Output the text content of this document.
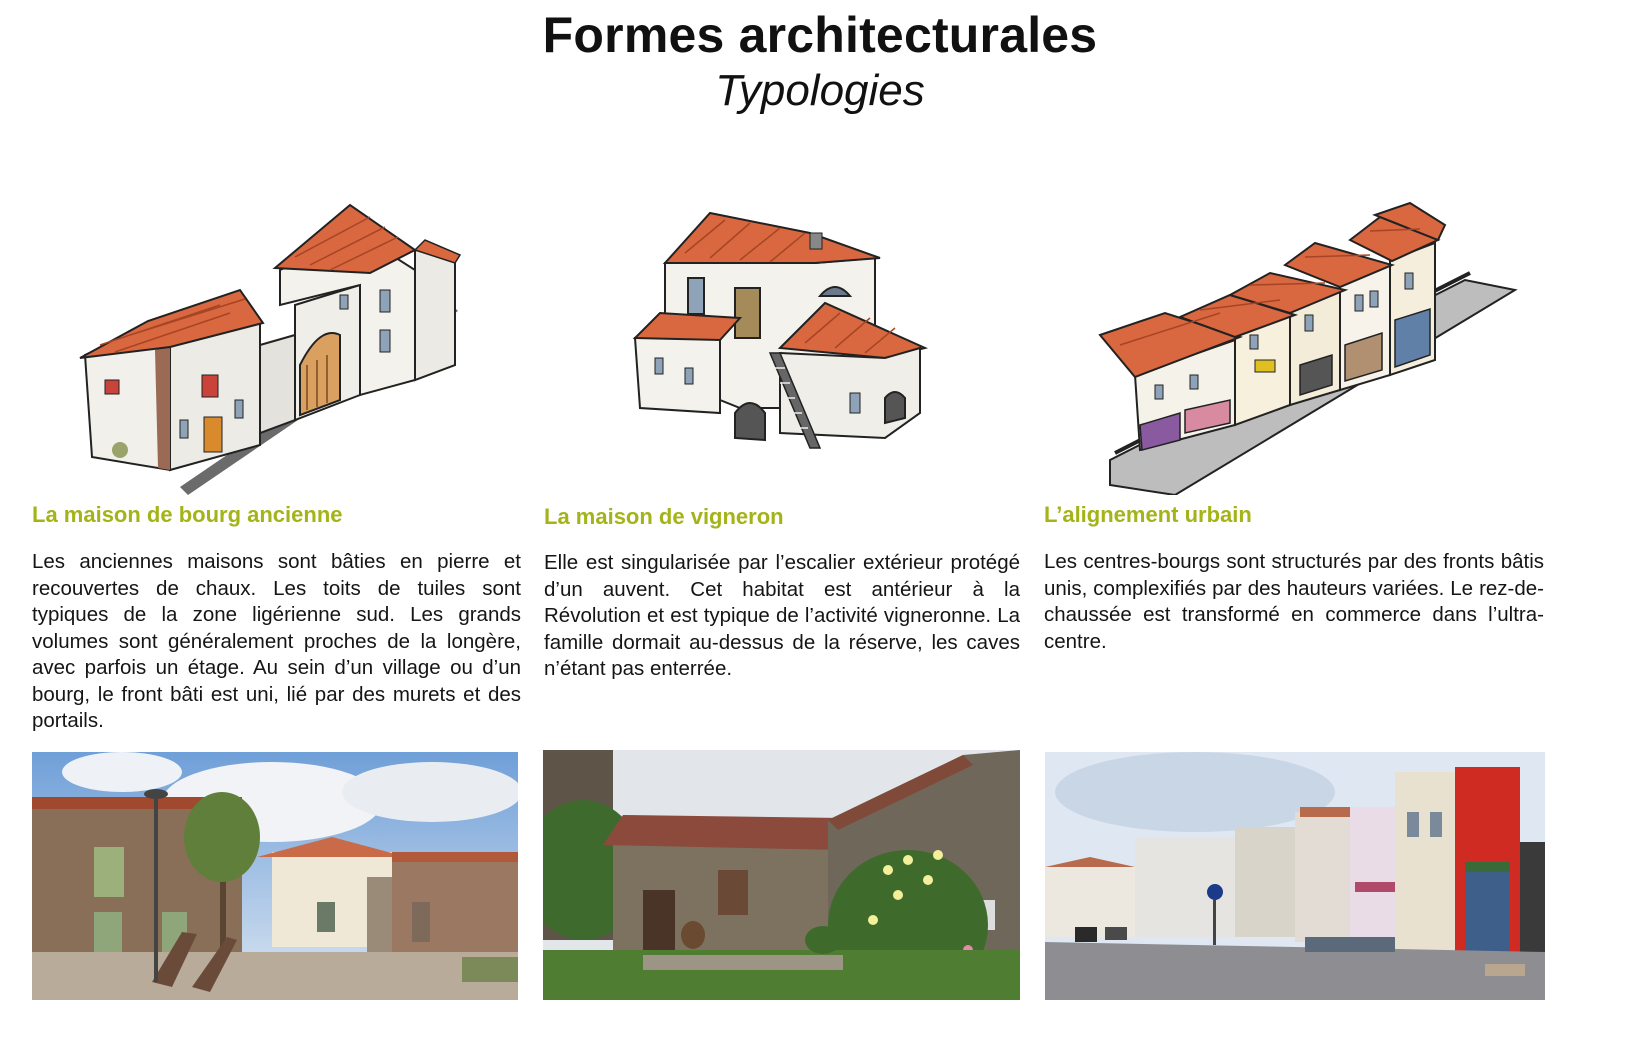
Formes architecturales
Typologies
La maison de bourg ancienne
Les anciennes maisons sont bâties en pierre et recouvertes de chaux. Les toits de tuiles sont typiques de la zone ligérienne sud. Les grands volumes sont généralement proches de la longère, avec parfois un étage. Au sein d’un village ou d’un bourg, le front bâti est uni, lié par des murets et des portails.
La maison de vigneron
Elle est singularisée par l’escalier extérieur protégé d’un auvent. Cet habitat est antérieur à la Révolution et est typique de l’activité vigneronne. La famille dormait au-dessus de la réserve, les caves n’étant pas enterrée.
L’alignement urbain
Les centres-bourgs sont structurés par des fronts bâtis unis, complexifiés par des hauteurs variées. Le rez-de-chaussée est transformé en commerce dans l’ultra-centre.
